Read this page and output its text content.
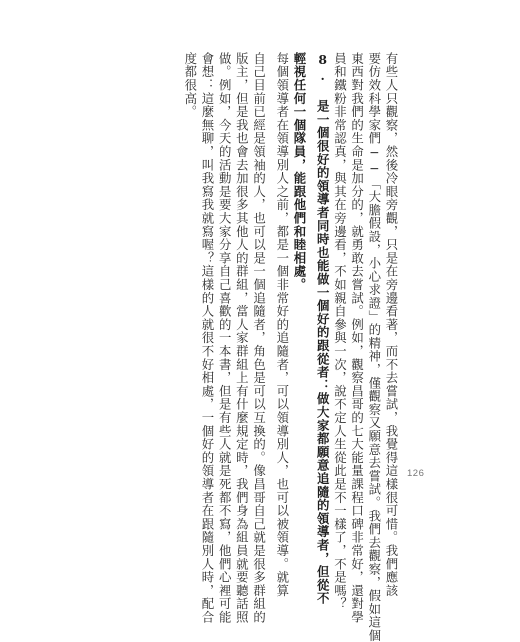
有些人只觀察，然後冷眼旁觀，只是在旁邊看著，而不去嘗試，我覺得這樣很可惜。我們應該

要仿效科學家們──「大膽假設，小心求證」的精神，僅觀察又願意去嘗試。我們去觀察，假如這個

東西對我們的生命是加分的，就勇敢去嘗試。例如，觀察昌哥的七大能量課程口碑非常好，還對學

員和鐵粉非常認真，與其在旁邊看，不如親自參與一次，說不定人生從此是不一樣了，不是嗎？

8. 是一個很好的領導者同時也能做一個好的跟從者：做大家都願意追隨的領導者，但從不

輕視任何一個隊員，能跟他們和睦相處。

每個領導者在領導別人之前，都是一個非常好的追隨者，可以領導別人，也可以被領導。就算

自己目前已經是領袖的人，也可以是一個追隨者，角色是可以互換的。像昌哥自己就是很多群組的

版主，但是我也會去加很多其他人的群組，當人家群組上有什麼規定時，我們身為組員就要聽話照

做。例如，今天的活動是要大家分享自己喜歡的一本書，但是有些人就是死都不寫，他們心裡可能

會想：這麼無聊，叫我寫我就寫喔？這樣的人就很不好相處，一個好的領導者在跟隨別人時，配合

度都很高。

126
